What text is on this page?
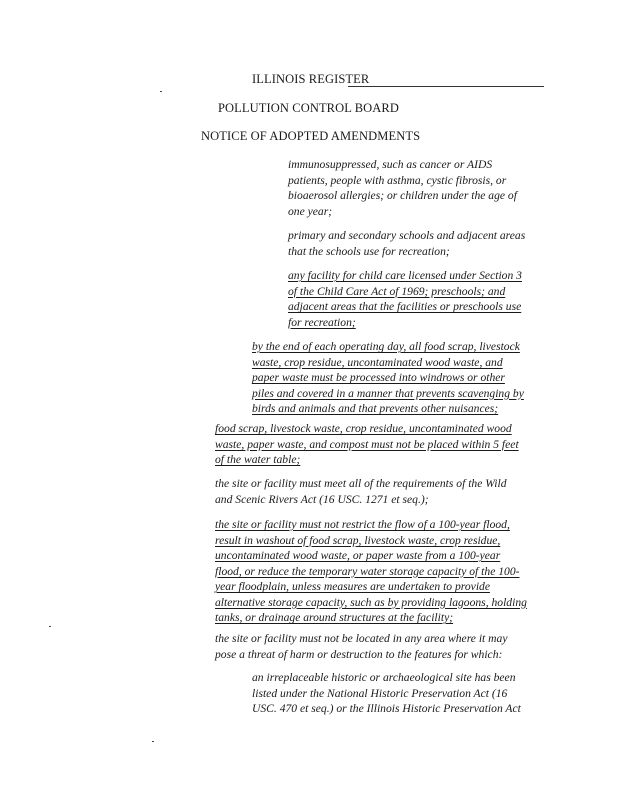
ILLINOIS REGISTER
POLLUTION CONTROL BOARD
NOTICE OF ADOPTED AMENDMENTS

immunosuppressed, such as cancer or AIDS
patients, people with asthma, cystic fibrosis, or
bioaerosol allergies; or children under the age of
one year;

primary and secondary schools and adjacent areas
that the schools use for recreation;

any facility for child care licensed under Section 3
of the Child Care Act of 1969; preschools; and
adjacent areas that the facilities or preschools use
for recreation;

by the end of each operating day, all food scrap, livestock
waste, crop residue, uncontaminated wood waste, and
paper waste must be processed into windrows or other
piles and covered in a manner that prevents scavenging by
birds and animals and that prevents other nuisances;

food scrap, livestock waste, crop residue, uncontaminated wood
waste, paper waste, and compost must not be placed within 5 feet
of the water table;

the site or facility must meet all of the requirements of the Wild
and Scenic Rivers Act (16 USC. 1271 et seq.);

the site or facility must not restrict the flow of a 100-year flood,
result in washout of food scrap, livestock waste, crop residue,
uncontaminated wood waste, or paper waste from a 100-year
flood, or reduce the temporary water storage capacity of the 100-
year floodplain, unless measures are undertaken to provide
alternative storage capacity, such as by providing lagoons, holding
tanks, or drainage around structures at the facility;

the site or facility must not be located in any area where it may
pose a threat of harm or destruction to the features for which:

an irreplaceable historic or archaeological site has been
listed under the National Historic Preservation Act (16
USC. 470 et seq.) or the Illinois Historic Preservation Act
